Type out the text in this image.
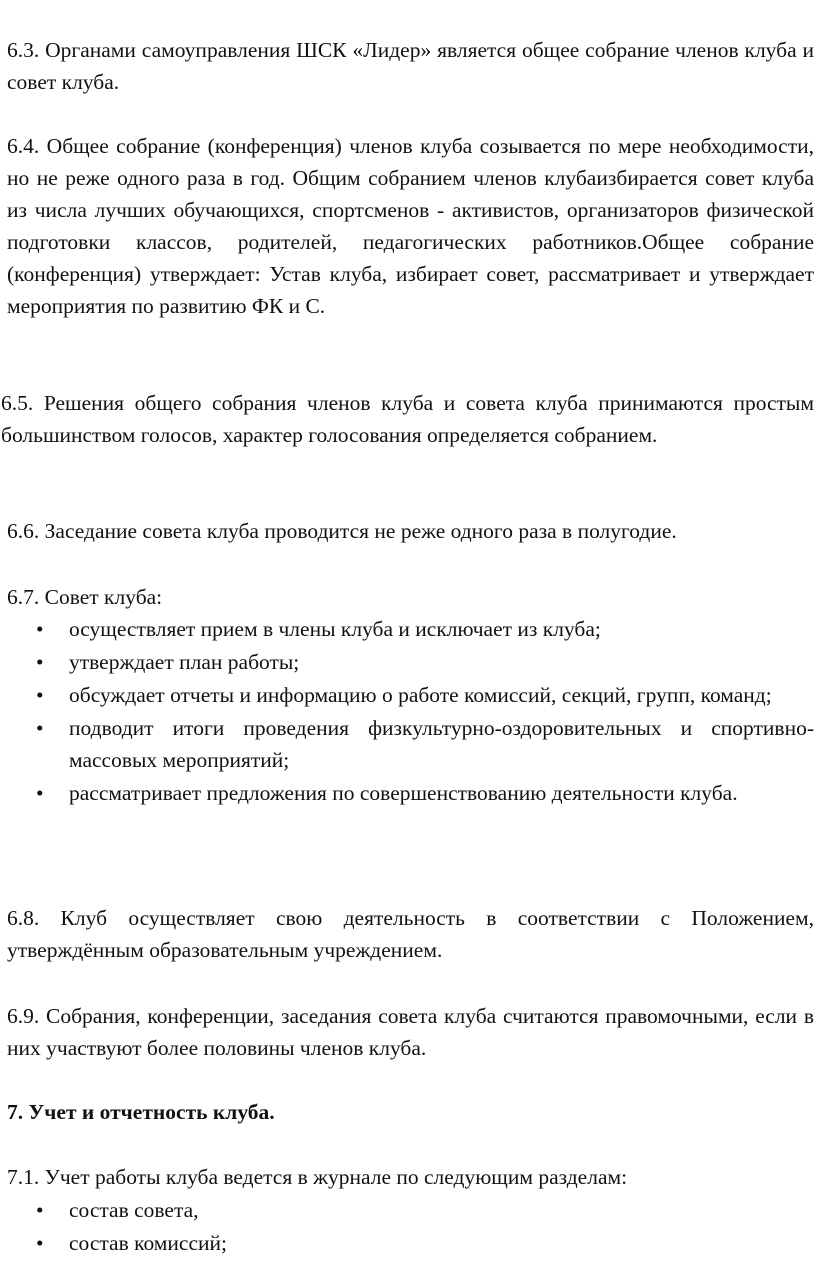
6.3. Органами самоуправления ШСК «Лидер» является общее собрание членов клуба и совет клуба.

6.4. Общее собрание (конференция) членов клуба созывается по мере необходимости, но не реже одного раза в год. Общим собранием членов клубаизбирается совет клуба из числа лучших обучающихся, спортсменов - активистов, организаторов физической подготовки классов, родителей, педагогических работников.Общее собрание (конференция) утверждает: Устав клуба, избирает совет, рассматривает и утверждает мероприятия по развитию ФК и С.

6.5. Решения общего собрания членов клуба и совета клуба принимаются простым большинством голосов, характер голосования определяется собранием.

6.6. Заседание совета клуба проводится не реже одного раза в полугодие.

6.7. Совет клуба:

•	осуществляет прием в члены клуба и исключает из клуба;
•	утверждает план работы;
•	обсуждает отчеты и информацию о работе комиссий, секций, групп, команд;
•	подводит итоги проведения физкультурно-оздоровительных и спортивно-массовых мероприятий;
•	рассматривает предложения по совершенствованию деятельности клуба.

6.8. Клуб осуществляет свою деятельность в соответствии с Положением, утверждённым образовательным учреждением.

6.9. Собрания, конференции, заседания совета клуба считаются правомочными, если в них участвуют более половины членов клуба.

7. Учет и отчетность клуба.

7.1. Учет работы клуба ведется в журнале по следующим разделам:

•	состав совета,
•	состав комиссий;
